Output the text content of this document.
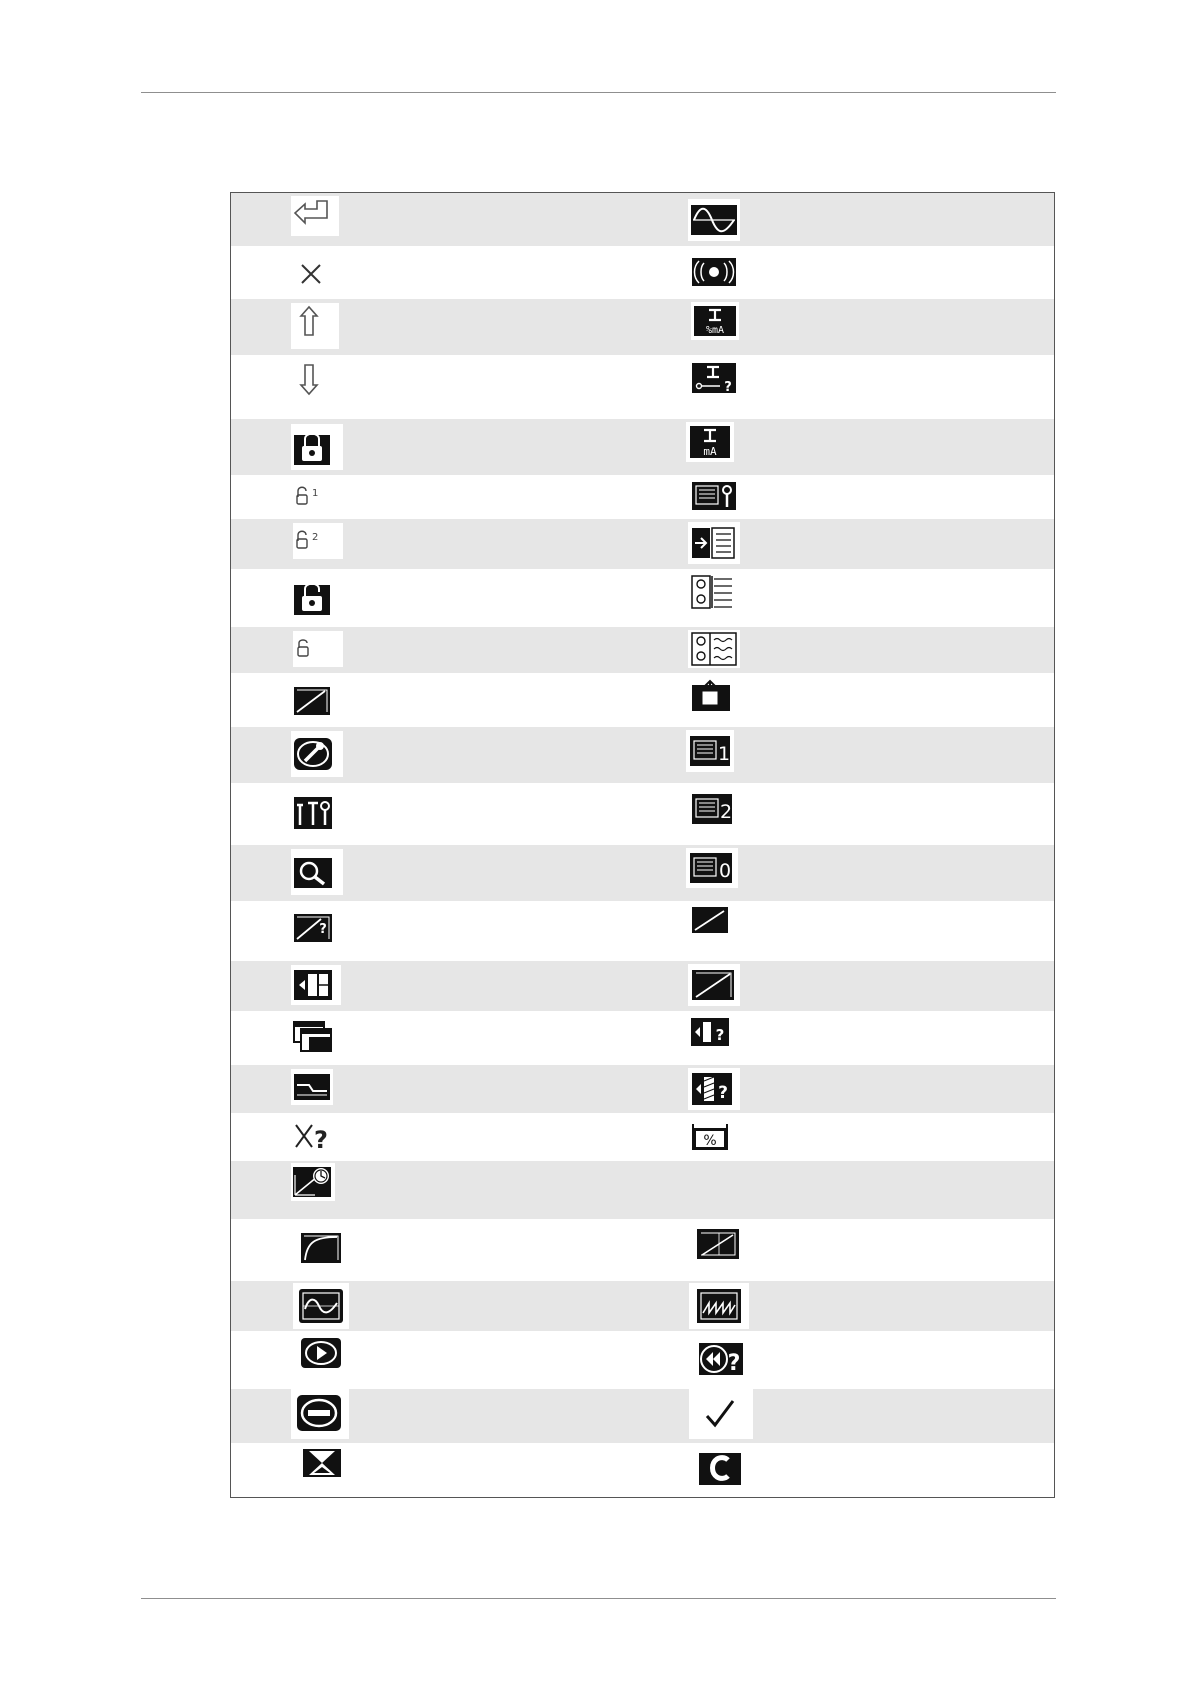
%mA
?
mA
1
2
1
2
0
?
?
?
?	%
?
